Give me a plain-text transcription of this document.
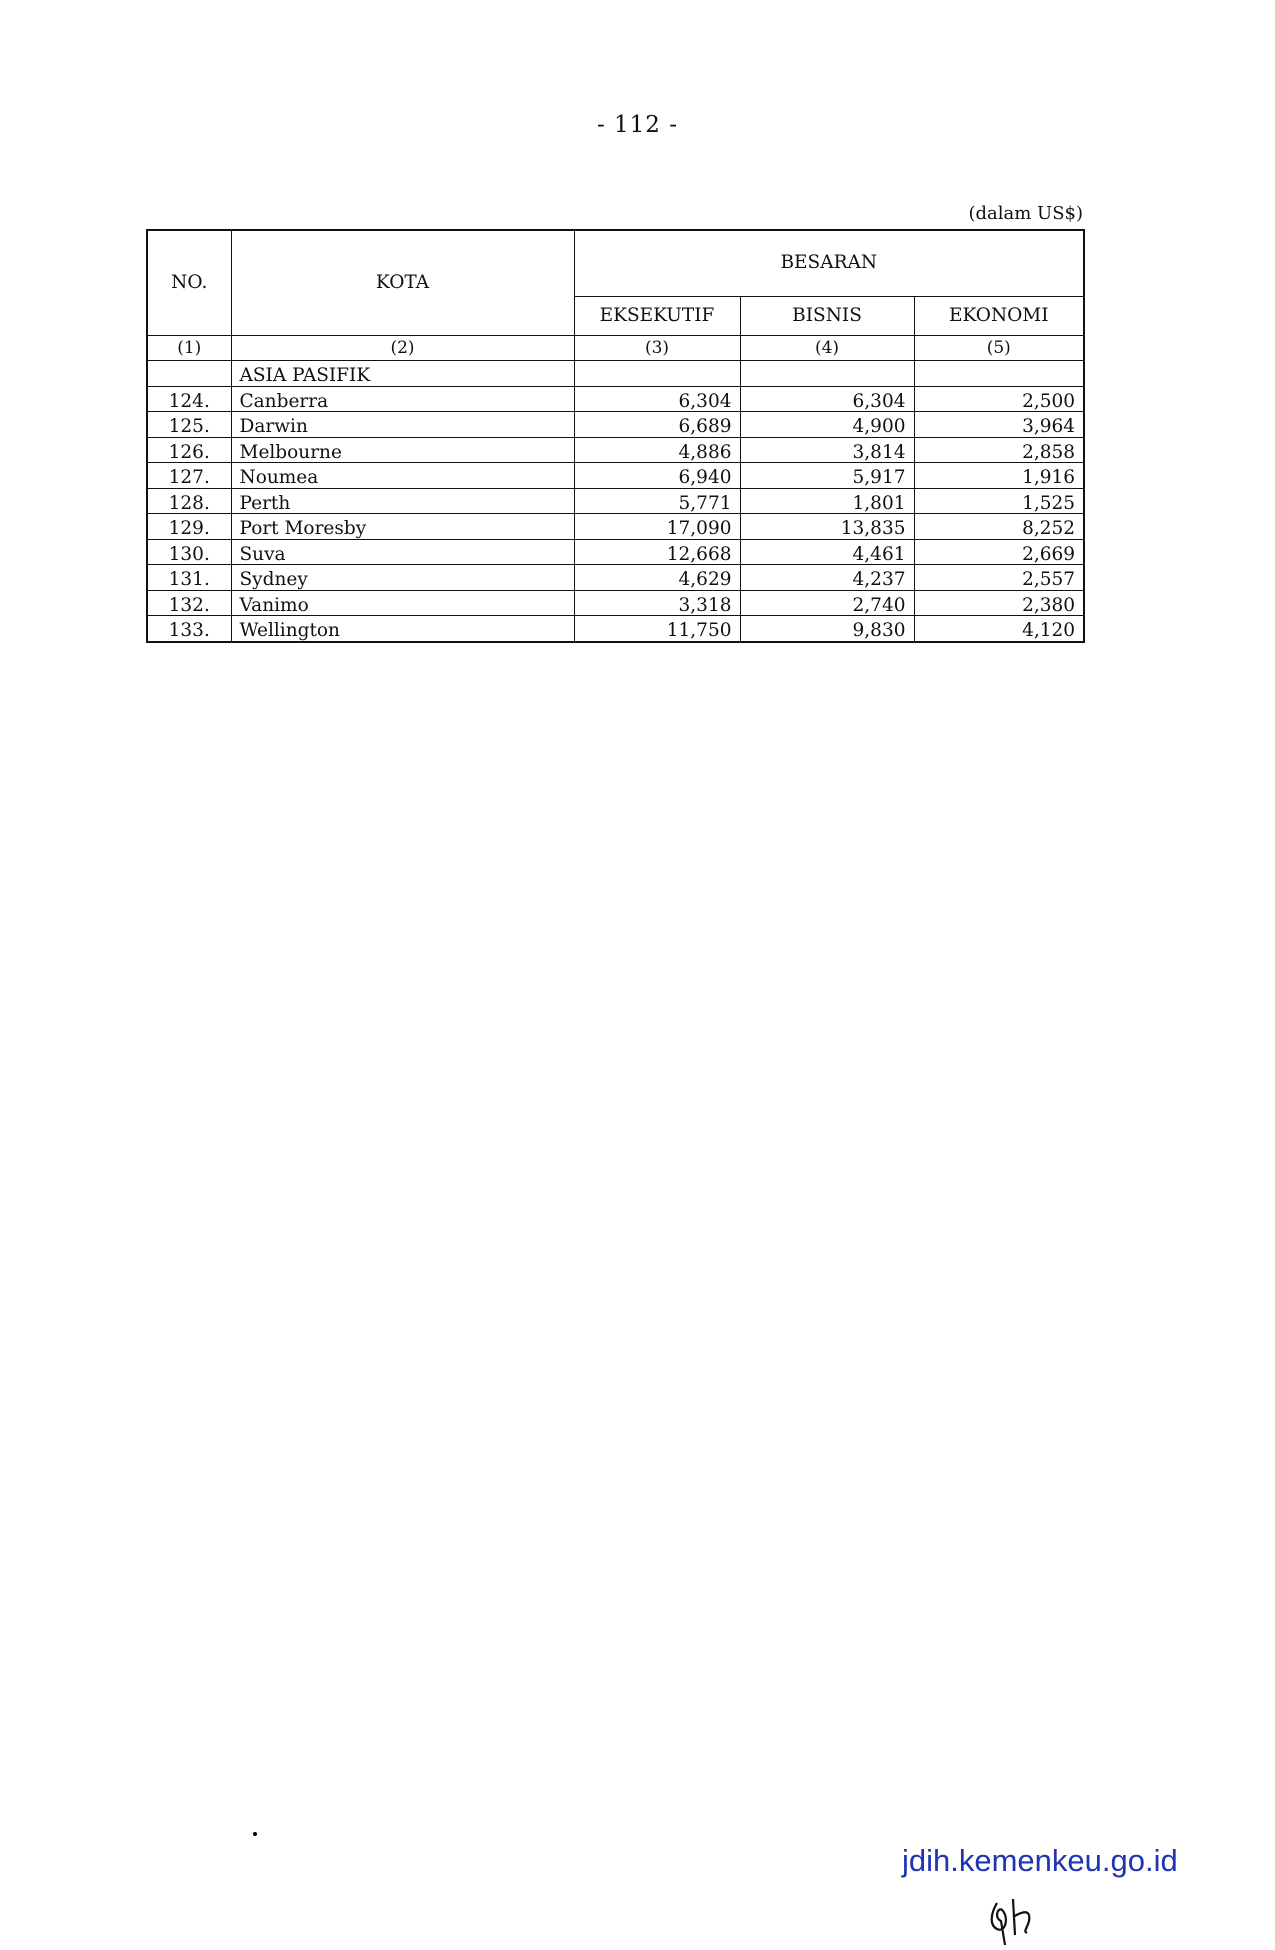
- 112 -
(dalam US$)
NO.	KOTA	BESARAN		
		EKSEKUTIF	BISNIS	EKONOMI
(1)	(2)	(3)	(4)	(5)
	ASIA PASIFIK			
124.	Canberra	6,304	6,304	2,500
125.	Darwin	6,689	4,900	3,964
126.	Melbourne	4,886	3,814	2,858
127.	Noumea	6,940	5,917	1,916
128.	Perth	5,771	1,801	1,525
129.	Port Moresby	17,090	13,835	8,252
130.	Suva	12,668	4,461	2,669
131.	Sydney	4,629	4,237	2,557
132.	Vanimo	3,318	2,740	2,380
133.	Wellington	11,750	9,830	4,120
jdih.kemenkeu.go.id
